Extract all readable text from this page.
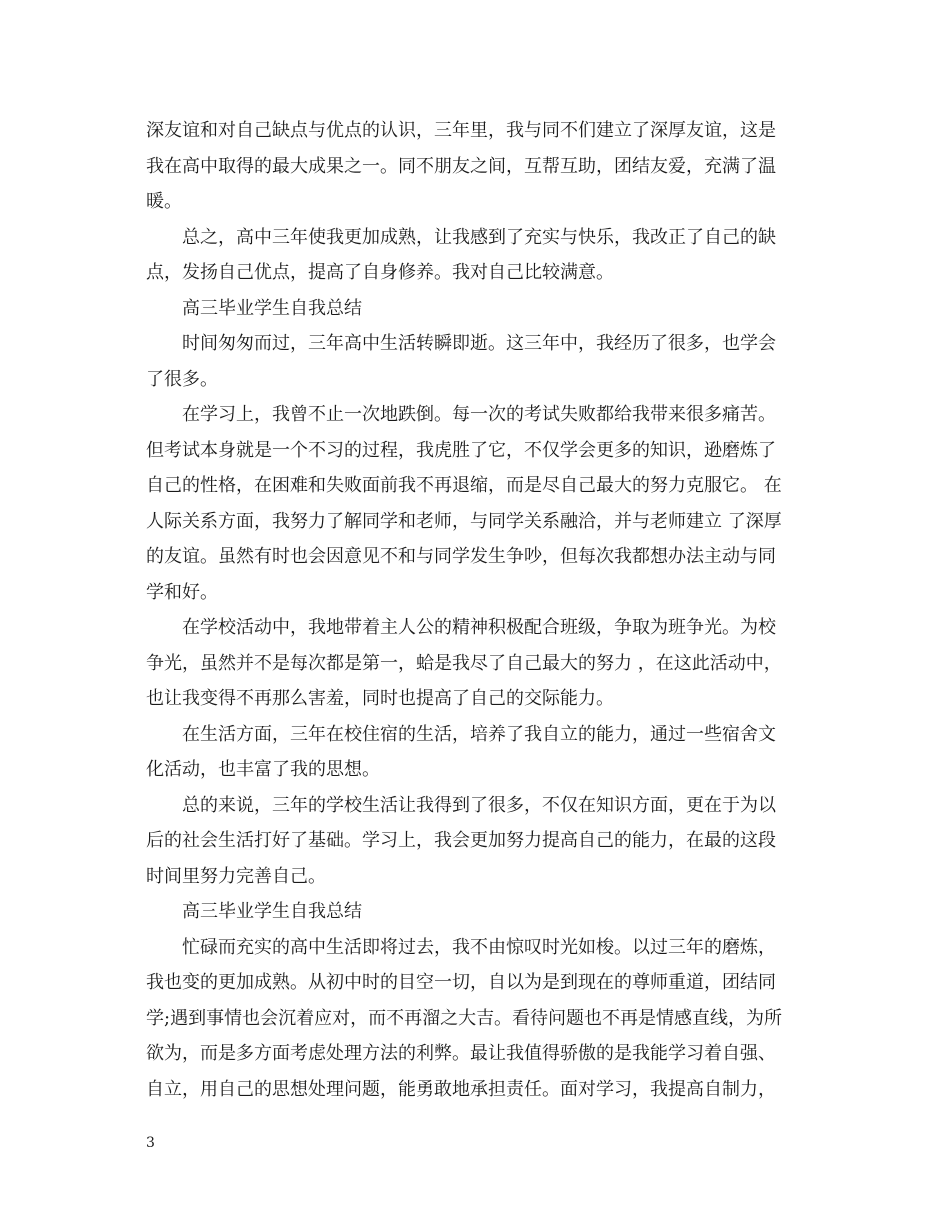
深友谊和对自己缺点与优点的认识，三年里，我与同不们建立了深厚友谊，这是
我在高中取得的最大成果之一。同不朋友之间，互帮互助，团结友爱，充满了温
暖。

总之，高中三年使我更加成熟，让我感到了充实与快乐，我改正了自己的缺
点，发扬自己优点，提高了自身修养。我对自己比较满意。

高三毕业学生自我总结

时间匆匆而过，三年高中生活转瞬即逝。这三年中，我经历了很多，也学会
了很多。

在学习上，我曾不止一次地跌倒。每一次的考试失败都给我带来很多痛苦。
但考试本身就是一个不习的过程，我虎胜了它，不仅学会更多的知识，逊磨炼了
自己的性格，在困难和失败面前我不再退缩，而是尽自己最大的努力克服它。 在
人际关系方面，我努力了解同学和老师，与同学关系融洽，并与老师建立 了深厚
的友谊。虽然有时也会因意见不和与同学发生争吵，但每次我都想办法主动与同
学和好。

在学校活动中，我地带着主人公的精神积极配合班级，争取为班争光。为校
争光，虽然并不是每次都是第一，蛤是我尽了自己最大的努力 ，在这此活动中，
也让我变得不再那么害羞，同时也提高了自己的交际能力。

在生活方面，三年在校住宿的生活，培养了我自立的能力，通过一些宿舍文
化活动，也丰富了我的思想。

总的来说，三年的学校生活让我得到了很多，不仅在知识方面，更在于为以
后的社会生活打好了基础。学习上，我会更加努力提高自己的能力，在最的这段
时间里努力完善自己。

高三毕业学生自我总结

忙碌而充实的高中生活即将过去，我不由惊叹时光如梭。以过三年的磨炼，
我也变的更加成熟。从初中时的目空一切，自以为是到现在的尊师重道，团结同
学;遇到事情也会沉着应对，而不再溜之大吉。看待问题也不再是情感直线，为所
欲为，而是多方面考虑处理方法的利弊。最让我值得骄傲的是我能学习着自强、
自立，用自己的思想处理问题，能勇敢地承担责任。面对学习，我提高自制力，

3
